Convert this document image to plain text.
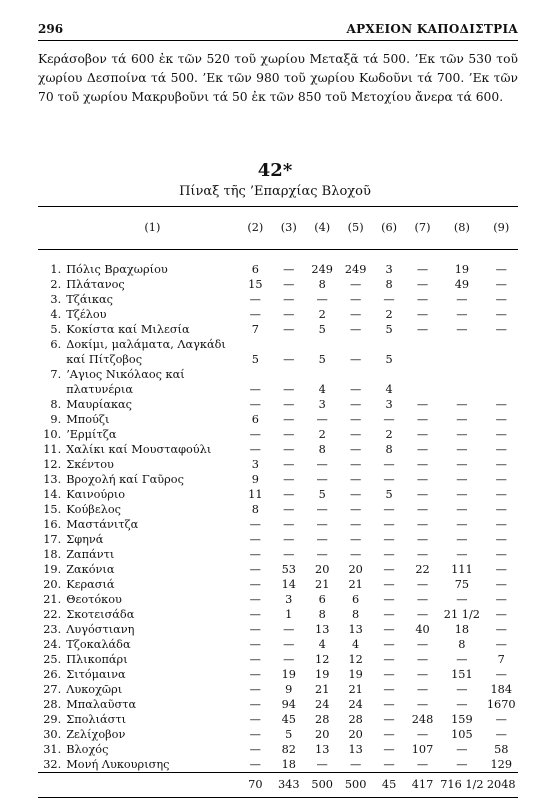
296	ΑΡΧΕΙΟΝ ΚΑΠΟΔΙΣΤΡΙΑ

Κεράσοβον τά 600 ἐκ τῶν 520 τοῦ χωρίου Μεταξᾶ τά 500. ’Εκ τῶν 530 τοῦ χωρίου Δεσποίνα τά 500. ’Εκ τῶν 980 τοῦ χωρίου Κωδοῦνι τά 700. ’Εκ τῶν 70 τοῦ χωρίου Μακρυβοῦνι τά 50 ἐκ τῶν 850 τοῦ Μετοχίου ἄνερα τά 600.

42*
Πίναξ τῆς ’Επαρχίας Βλοχοῦ
	(1)	(2)	(3)	(4)	(5)	(6)	(7)	(8)	(9)
1.	Πόλις Βραχωρίου	6	—	249	249	3	—	19	—
2.	Πλάτανος	15	—	8	—	8	—	49	—
3.	Τζάικας	—	—	—	—	—	—	—	—
4.	Τζέλου	—	—	2	—	2	—	—	—
5.	Κοκίστα καί Μιλεσία	7	—	5	—	5	—	—	—
6.	Δοκίμι, μαλάματα, Λαγκάδι								
	καί Πίτζοβος	5	—	5	—	5			
7.	’Αγιος Νικόλαος καί								
	πλατυνέρια	—	—	4	—	4			
8.	Μαυρίακας	—	—	3	—	3	—	—	—
9.	Μπούζι	6	—	—	—	—	—	—	—
10.	’Ερμίτζα	—	—	2	—	2	—	—	—
11.	Χαλίκι καί Μουσταφούλι	—	—	8	—	8	—	—	—
12.	Σκέντου	3	—	—	—	—	—	—	—
13.	Βροχολή καί Γαῦρος	9	—	—	—	—	—	—	—
14.	Καινούριο	11	—	5	—	5	—	—	—
15.	Κούβελος	8	—	—	—	—	—	—	—
16.	Μαστάνιτζα	—	—	—	—	—	—	—	—
17.	Σφηνά	—	—	—	—	—	—	—	—
18.	Ζαπάντι	—	—	—	—	—	—	—	—
19.	Ζακόνια	—	53	20	20	—	22	111	—
20.	Κερασιά	—	14	21	21	—	—	75	—
21.	Θεοτόκου	—	3	6	6	—	—	—	—
22.	Σκοτεισάδα	—	1	8	8	—	—	21 1/2	—
23.	Λυγόστιανη	—	—	13	13	—	40	18	—
24.	Τζοκαλάδα	—	—	4	4	—	—	8	—
25.	Πλικοπάρι	—	—	12	12	—	—	—	7
26.	Σιτόμαινα	—	19	19	19	—	—	151	—
27.	Λυκοχῶρι	—	9	21	21	—	—	—	184
28.	Μπαλαῦστα	—	94	24	24	—	—	—	1670
29.	Σπολιάστι	—	45	28	28	—	248	159	—
30.	Ζελίχοβον	—	5	20	20	—	—	105	—
31.	Βλοχός	—	82	13	13	—	107	—	58
32.	Μονή Λυκουρισης	—	18	—	—	—	—	—	129
		70	343	500	500	45	417	716 1/2	2048
